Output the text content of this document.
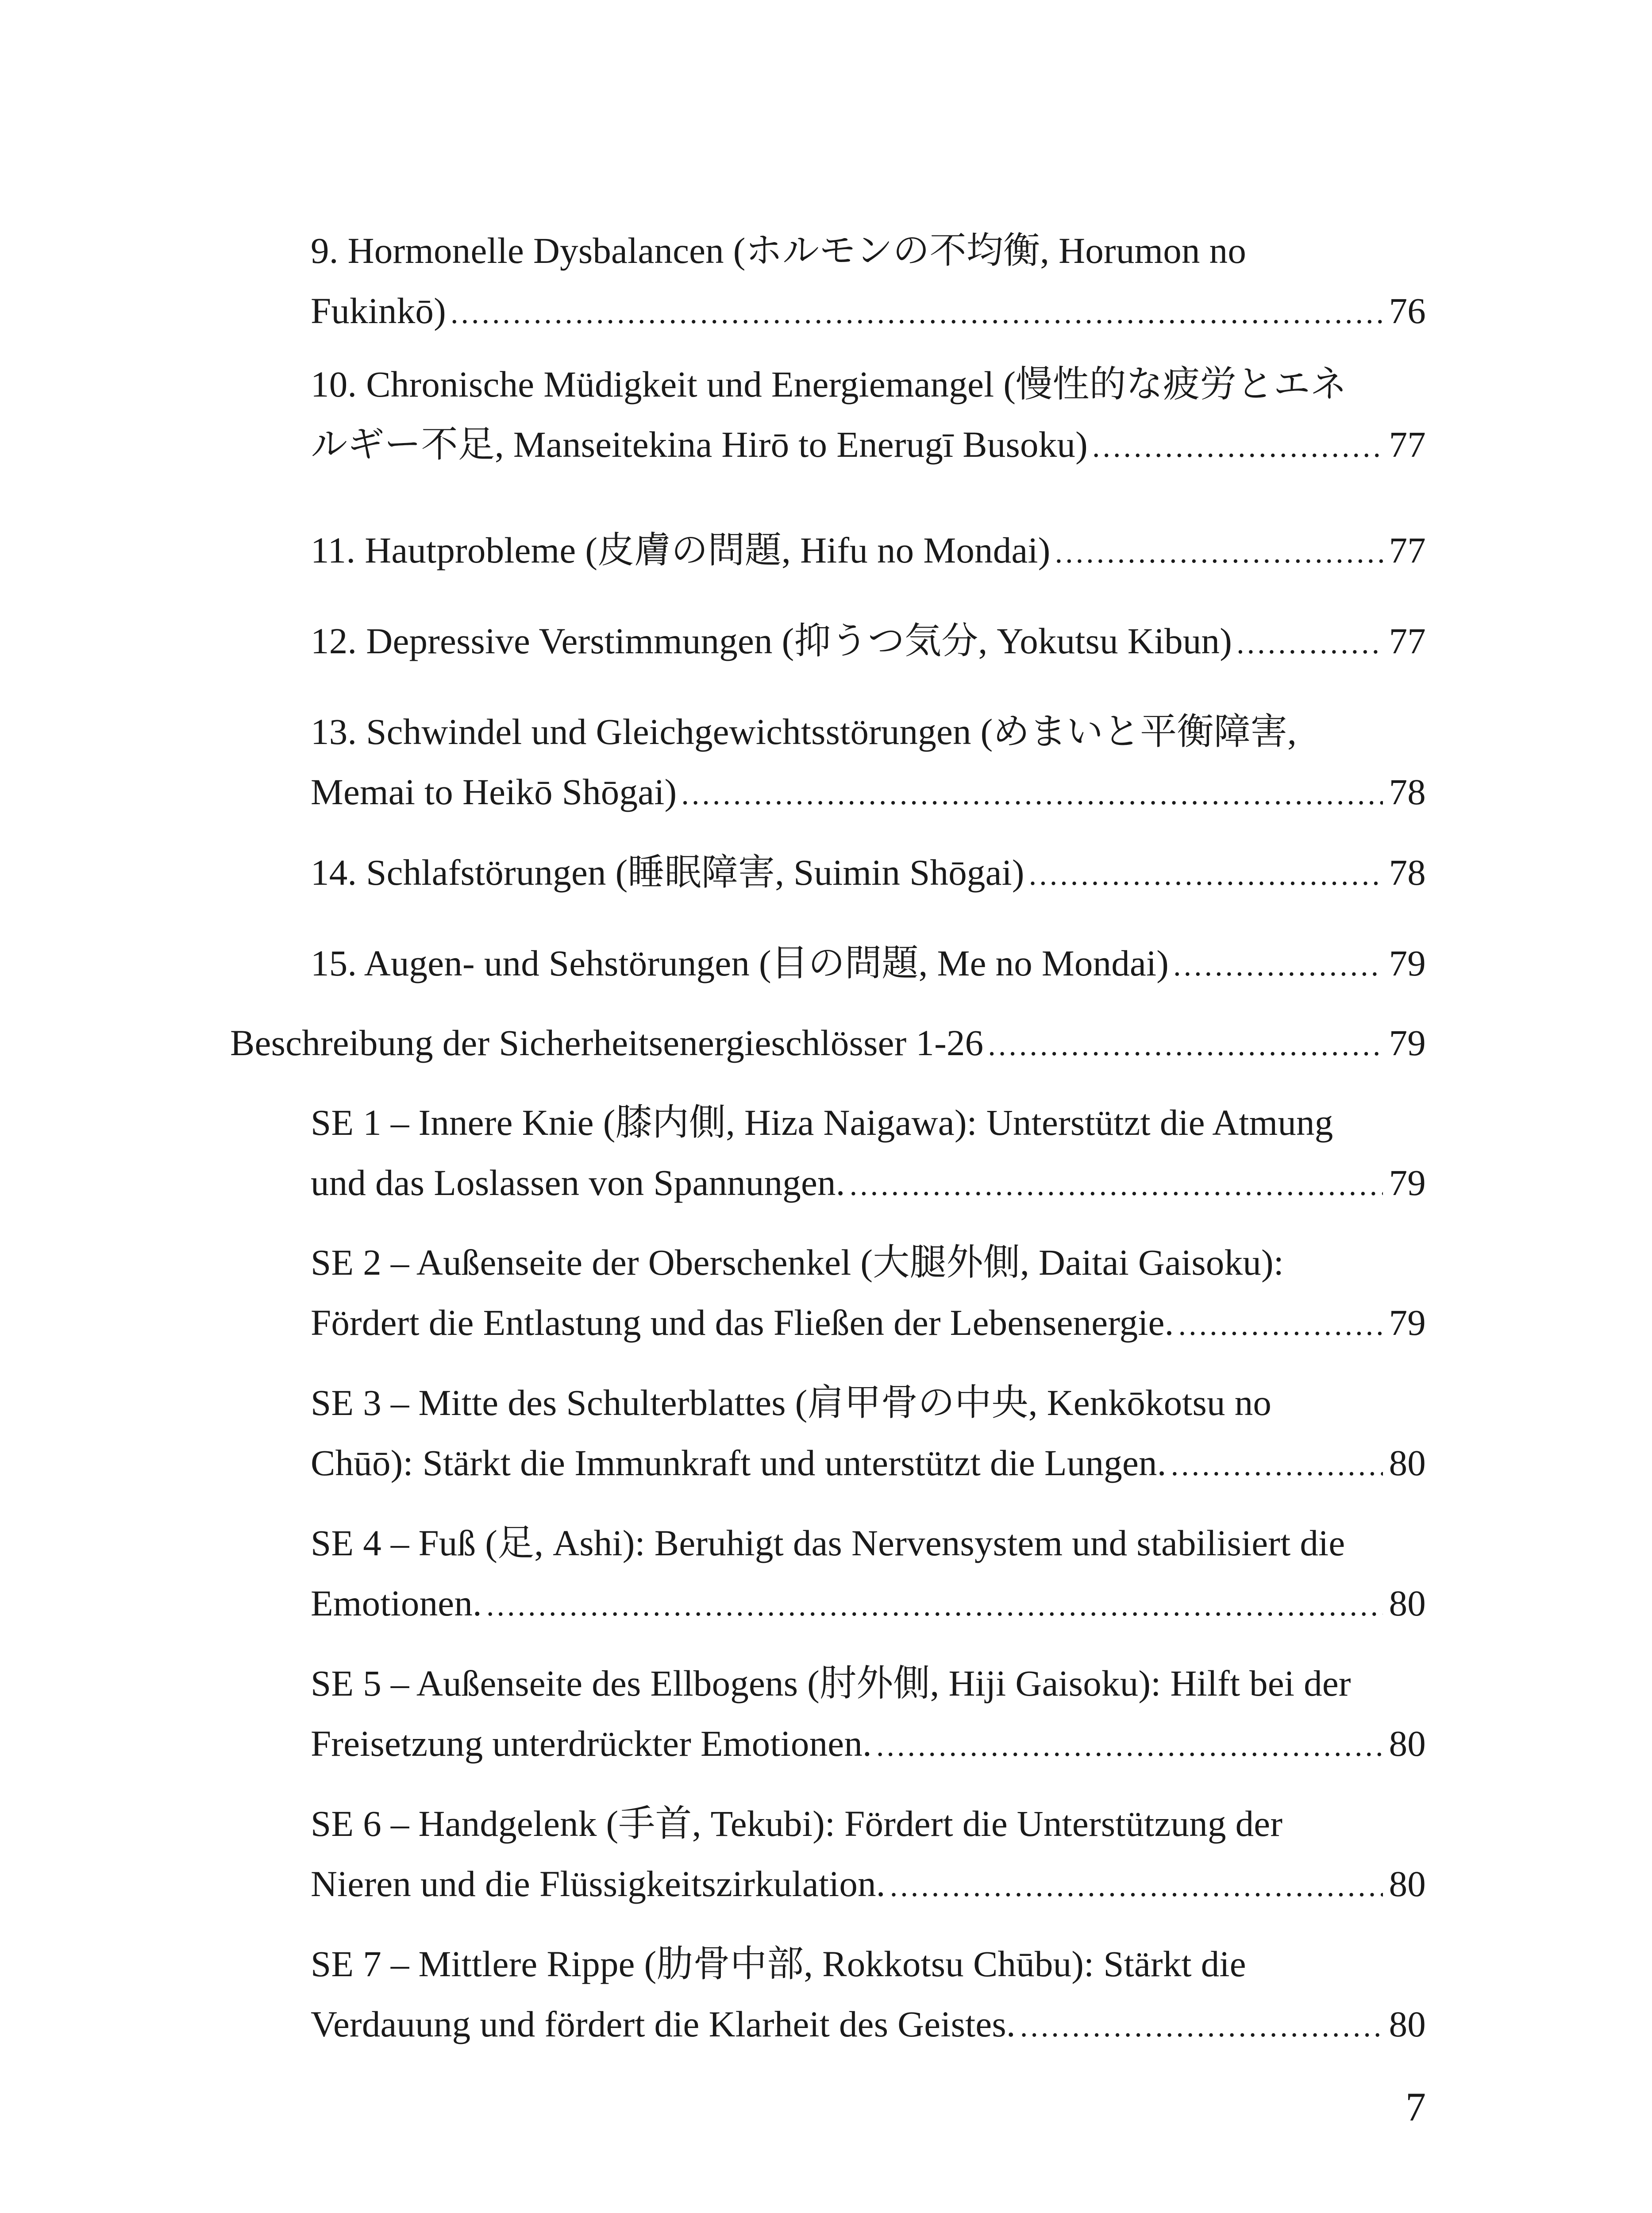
9. Hormonelle Dysbalancen (ホルモンの不均衡, Horumon no
Fukinkō) .....	76
10. Chronische Müdigkeit und Energiemangel (慢性的な疲労とエネ
ルギー不足, Manseitekina Hirō to Enerugī Busoku) .....	77
11. Hautprobleme (皮膚の問題, Hifu no Mondai) .....	77
12. Depressive Verstimmungen (抑うつ気分, Yokutsu Kibun) .....	77
13. Schwindel und Gleichgewichtsstörungen (めまいと平衡障害,
Memai to Heikō Shōgai) .....	78
14. Schlafstörungen (睡眠障害, Suimin Shōgai) .....	78
15. Augen- und Sehstörungen (目の問題, Me no Mondai) .....	79
Beschreibung der Sicherheitsenergieschlösser 1-26 .....	79
SE 1 – Innere Knie (膝内側, Hiza Naigawa): Unterstützt die Atmung
und das Loslassen von Spannungen. .....	79
SE 2 – Außenseite der Oberschenkel (大腿外側, Daitai Gaisoku):
Fördert die Entlastung und das Fließen der Lebensenergie. .....	79
SE 3 – Mitte des Schulterblattes (肩甲骨の中央, Kenkōkotsu no
Chūō): Stärkt die Immunkraft und unterstützt die Lungen. .....	80
SE 4 – Fuß (足, Ashi): Beruhigt das Nervensystem und stabilisiert die
Emotionen. .....	80
SE 5 – Außenseite des Ellbogens (肘外側, Hiji Gaisoku): Hilft bei der
Freisetzung unterdrückter Emotionen. .....	80
SE 6 – Handgelenk (手首, Tekubi): Fördert die Unterstützung der
Nieren und die Flüssigkeitszirkulation. .....	80
SE 7 – Mittlere Rippe (肋骨中部, Rokkotsu Chūbu): Stärkt die
Verdauung und fördert die Klarheit des Geistes. .....	80
7
